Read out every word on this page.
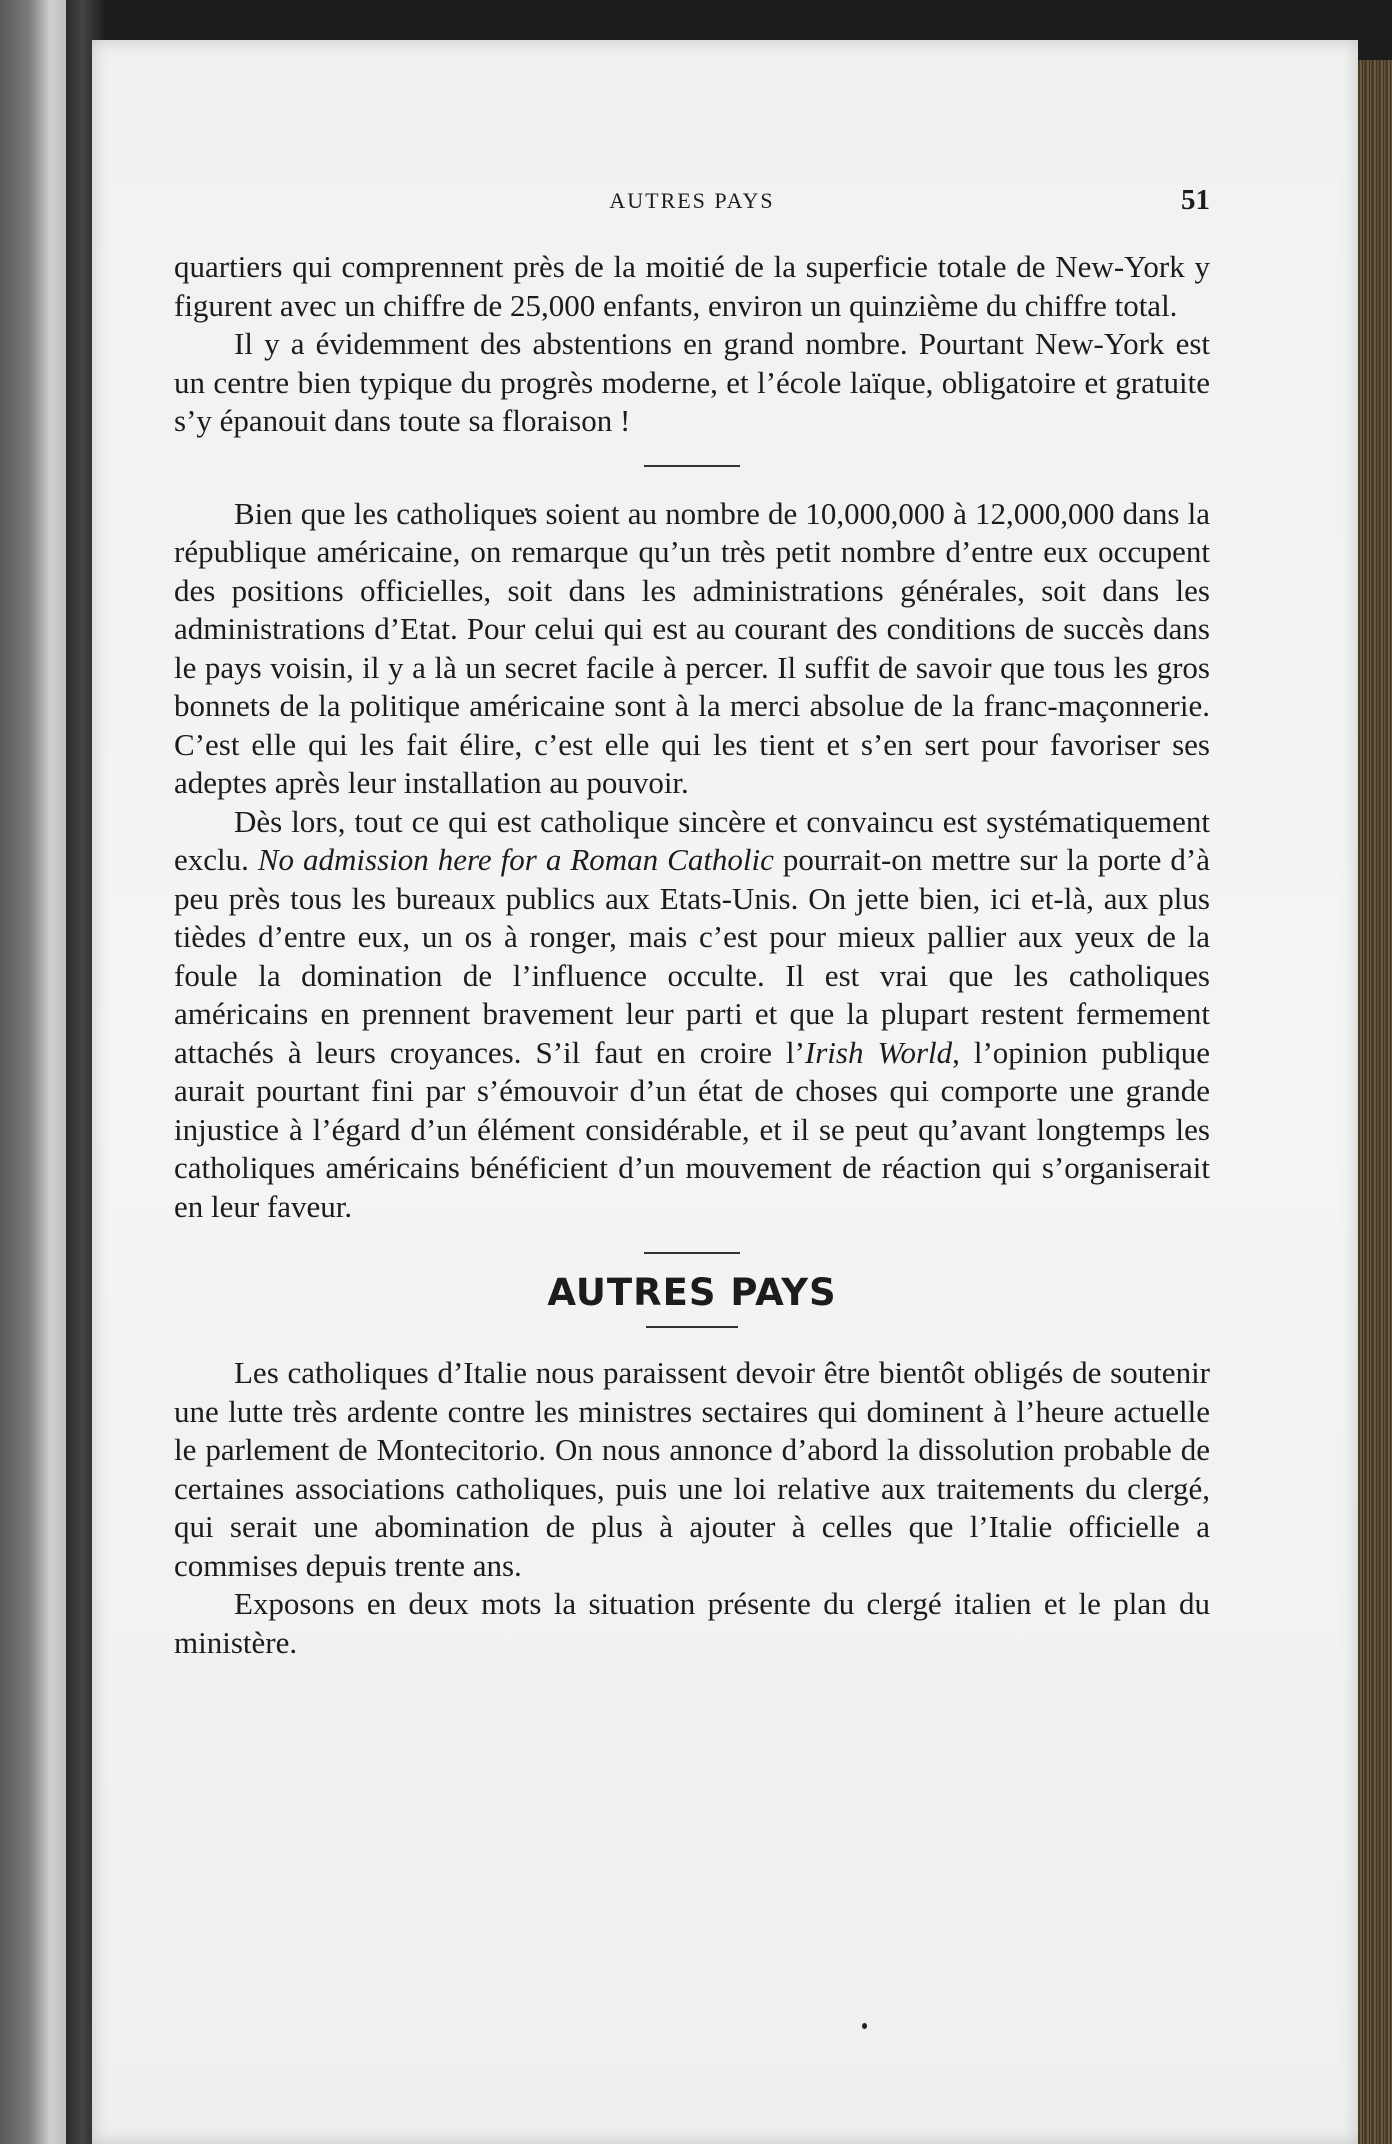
AUTRES PAYS	51

quartiers qui comprennent près de la moitié de la superficie totale de New-York y figurent avec un chiffre de 25,000 enfants, environ un quinzième du chiffre total.

Il y a évidemment des abstentions en grand nombre. Pourtant New-York est un centre bien typique du progrès moderne, et l’école laïque, obligatoire et gratuite s’y épanouit dans toute sa floraison !

Bien que les catholiques soient au nombre de 10,000,000 à 12,000,000 dans la république américaine, on remarque qu’un très petit nombre d’entre eux occupent des positions officielles, soit dans les administrations générales, soit dans les administrations d’Etat. Pour celui qui est au courant des conditions de succès dans le pays voisin, il y a là un secret facile à percer. Il suffit de savoir que tous les gros bonnets de la politique américaine sont à la merci absolue de la franc-maçonnerie. C’est elle qui les fait élire, c’est elle qui les tient et s’en sert pour favoriser ses adeptes après leur installation au pouvoir.

Dès lors, tout ce qui est catholique sincère et convaincu est systématiquement exclu. No admission here for a Roman Catholic pourrait-on mettre sur la porte d’à peu près tous les bureaux publics aux Etats-Unis. On jette bien, ici et-là, aux plus tièdes d’entre eux, un os à ronger, mais c’est pour mieux pallier aux yeux de la foule la domination de l’influence occulte. Il est vrai que les catholiques américains en prennent bravement leur parti et que la plupart restent fermement attachés à leurs croyances. S’il faut en croire l’Irish World, l’opinion publique aurait pourtant fini par s’émouvoir d’un état de choses qui comporte une grande injustice à l’égard d’un élément considérable, et il se peut qu’avant longtemps les catholiques américains bénéficient d’un mouvement de réaction qui s’organiserait en leur faveur.

AUTRES PAYS

Les catholiques d’Italie nous paraissent devoir être bientôt obligés de soutenir une lutte très ardente contre les ministres sectaires qui dominent à l’heure actuelle le parlement de Montecitorio. On nous annonce d’abord la dissolution probable de certaines associations catholiques, puis une loi relative aux traitements du clergé, qui serait une abomination de plus à ajouter à celles que l’Italie officielle a commises depuis trente ans.

Exposons en deux mots la situation présente du clergé italien et le plan du ministère.
